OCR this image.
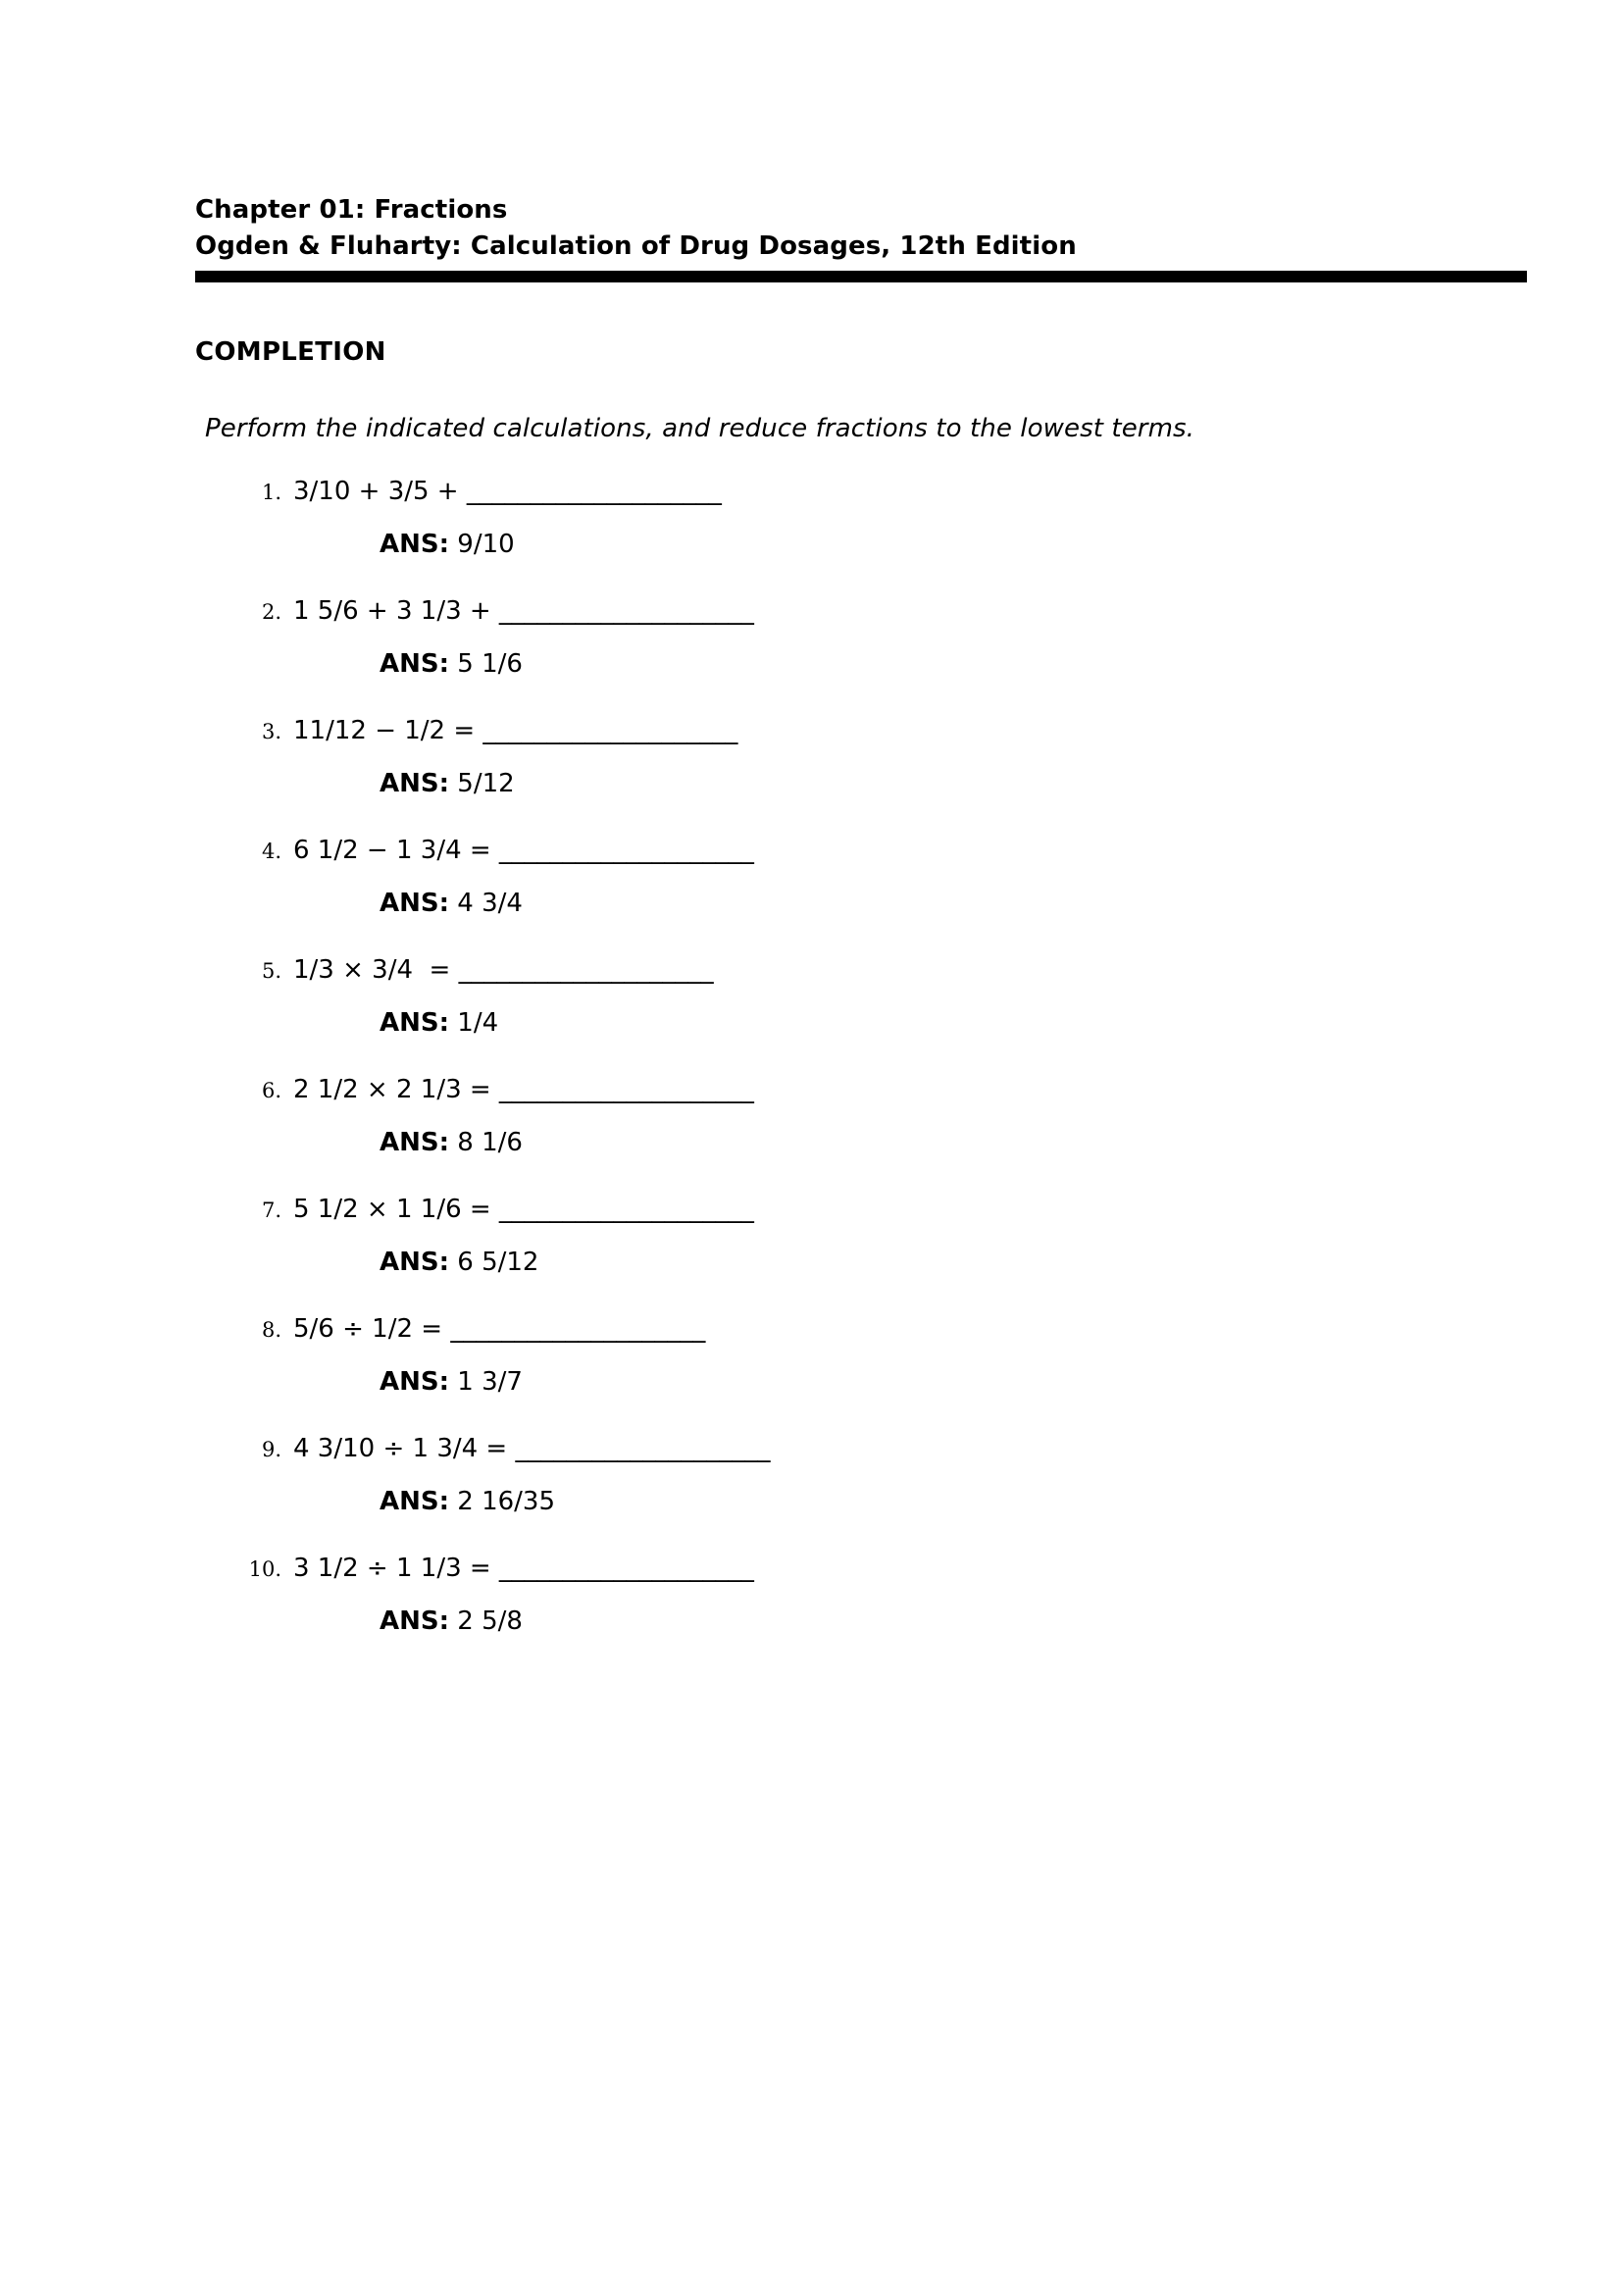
Chapter 01: Fractions
Ogden & Fluharty: Calculation of Drug Dosages, 12th Edition
COMPLETION
Perform the indicated calculations, and reduce fractions to the lowest terms.
1. 3/10 + 3/5 + ____________________
ANS: 9/10
2. 1 5/6 + 3 1/3 + ____________________
ANS: 5 1/6
3. 11/12 − 1/2 = ____________________
ANS: 5/12
4. 6 1/2 − 1 3/4 = ____________________
ANS: 4 3/4
5. 1/3 × 3/4  = ____________________
ANS: 1/4
6. 2 1/2 × 2 1/3 = ____________________
ANS: 8 1/6
7. 5 1/2 × 1 1/6 = ____________________
ANS: 6 5/12
8. 5/6 ÷ 1/2 = ____________________
ANS: 1 3/7
9. 4 3/10 ÷ 1 3/4 = ____________________
ANS: 2 16/35
10. 3 1/2 ÷ 1 1/3 = ____________________
ANS: 2 5/8
